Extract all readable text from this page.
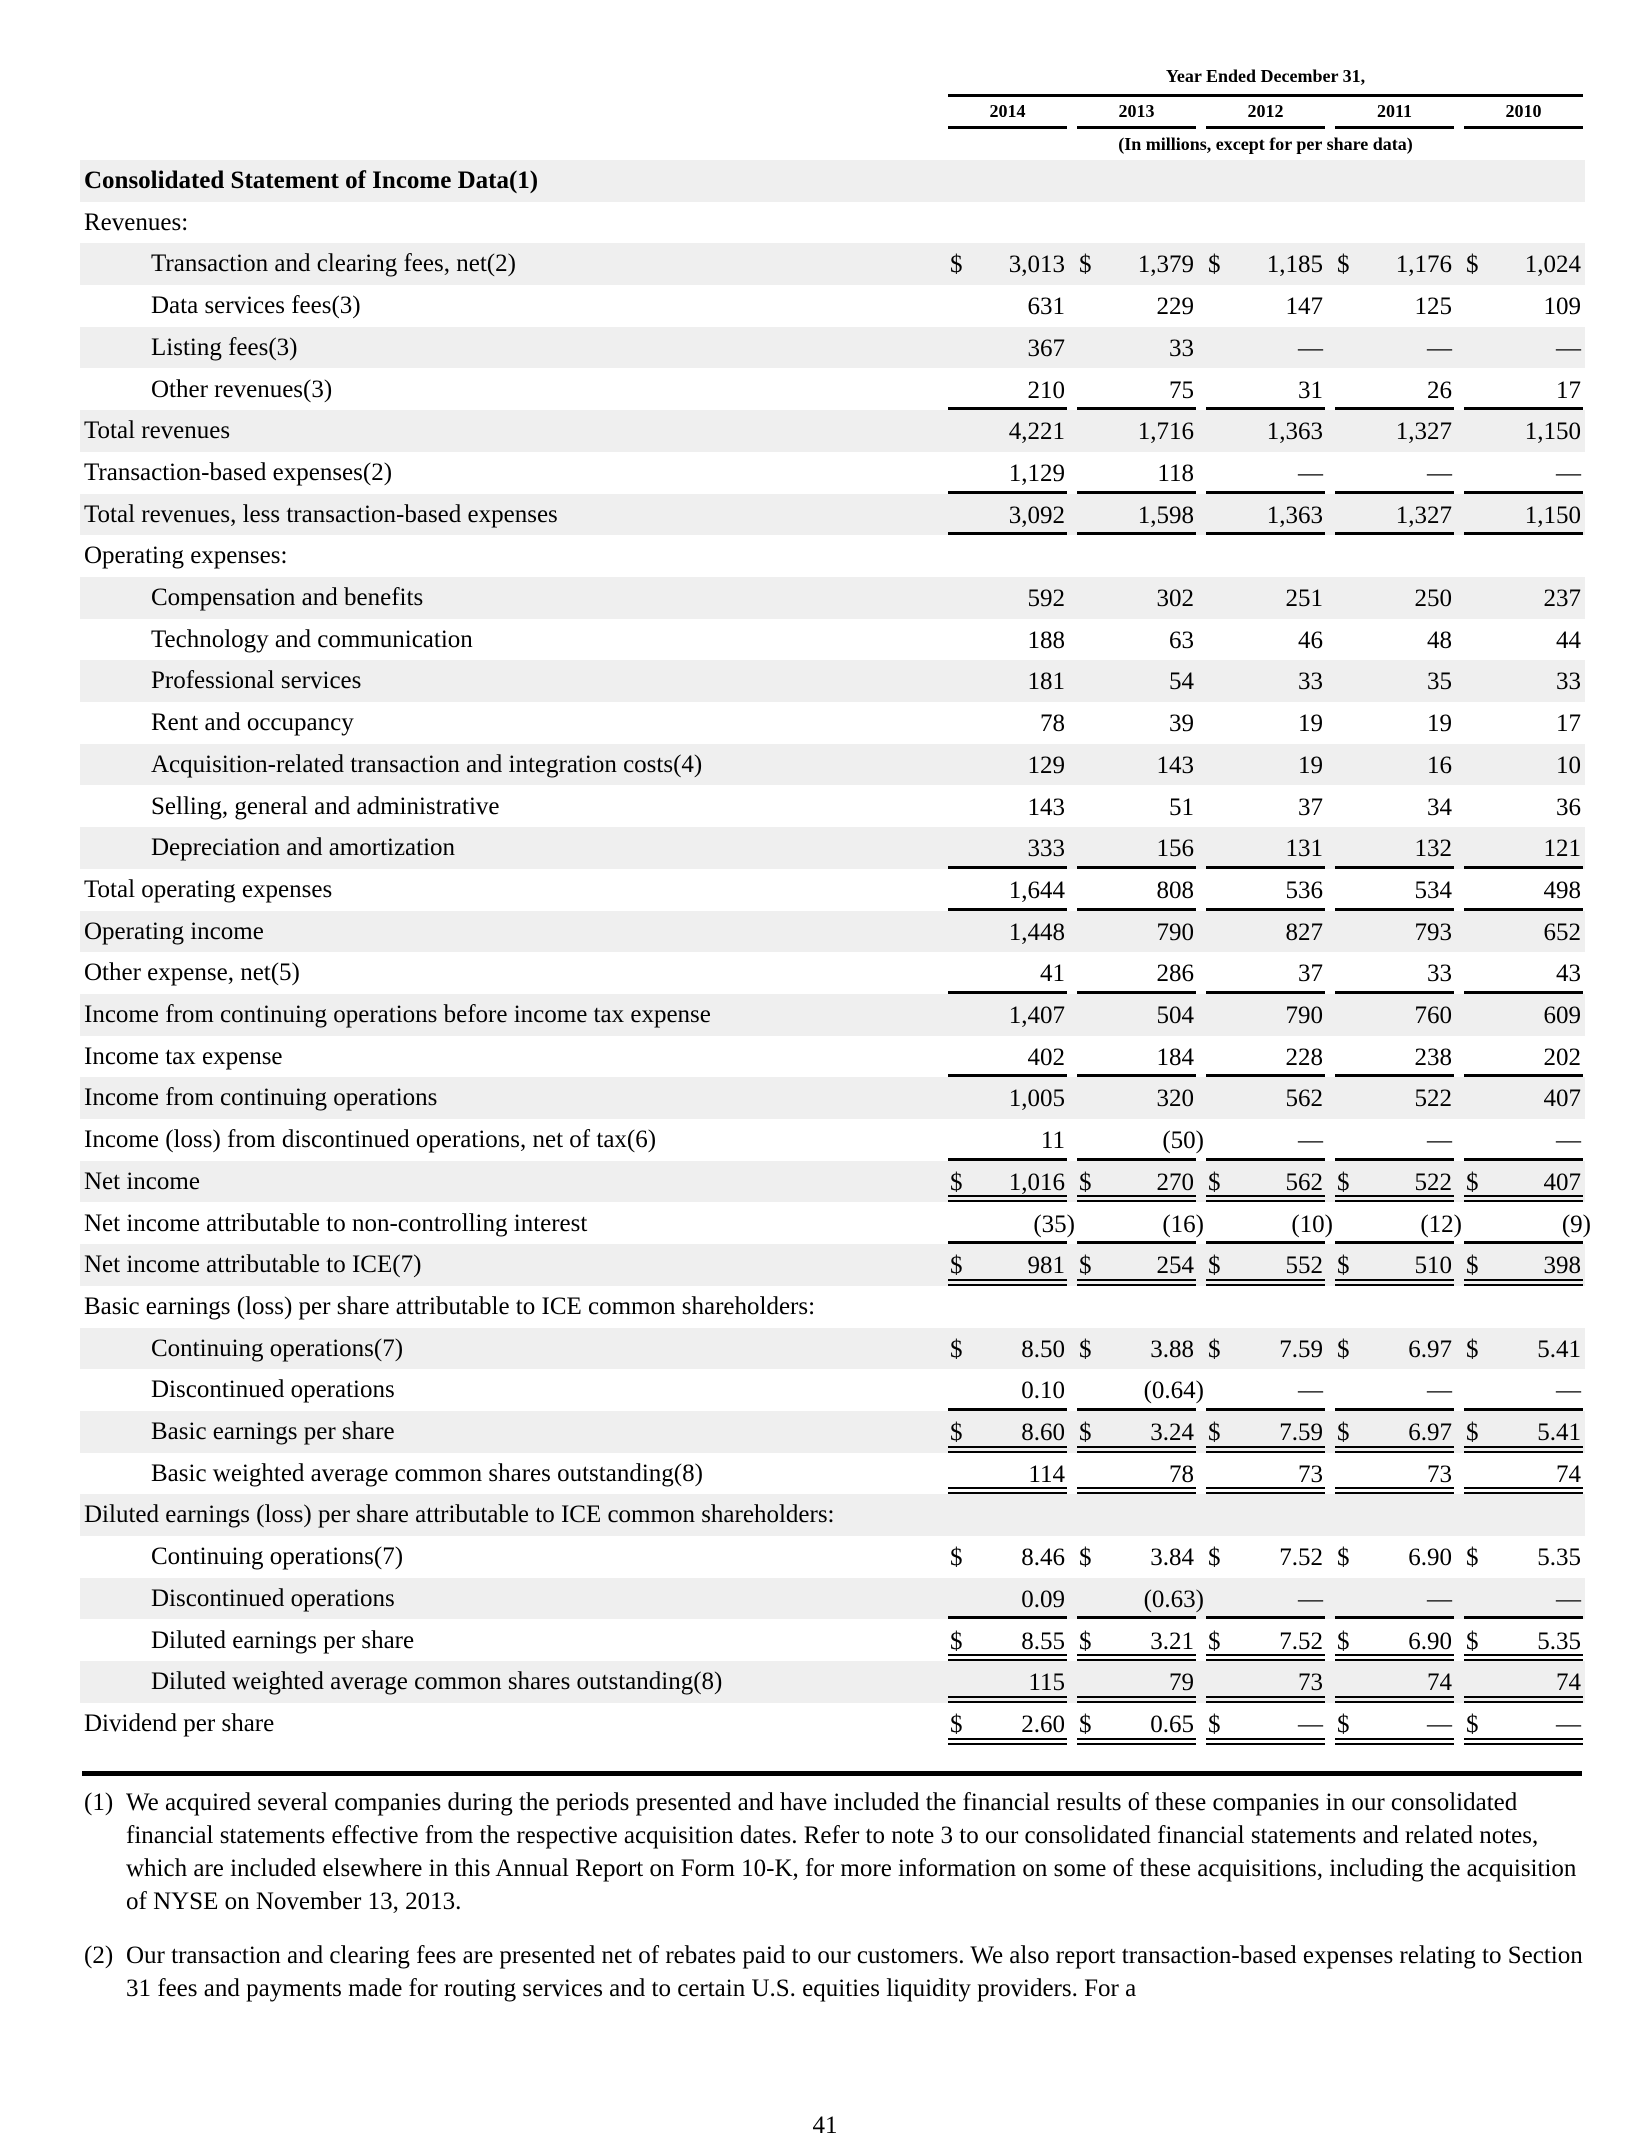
Year Ended December 31,
2014	2013	2012	2011	2010
(In millions, except for per share data)
Consolidated Statement of Income Data(1)
Revenues:
Transaction and clearing fees, net(2)	$ 3,013 $ 1,379 $ 1,185 $ 1,176 $ 1,024
Data services fees(3)	631	229	147	125	109
Listing fees(3)	367	33	—	—	—
Other revenues(3)	210	75	31	26	17
Total revenues	4,221	1,716	1,363	1,327	1,150
Transaction-based expenses(2)	1,129	118	—	—	—
Total revenues, less transaction-based expenses	3,092	1,598	1,363	1,327	1,150
Operating expenses:
Compensation and benefits	592	302	251	250	237
Technology and communication	188	63	46	48	44
Professional services	181	54	33	35	33
Rent and occupancy	78	39	19	19	17
Acquisition-related transaction and integration costs(4)	129	143	19	16	10
Selling, general and administrative	143	51	37	34	36
Depreciation and amortization	333	156	131	132	121
Total operating expenses	1,644	808	536	534	498
Operating income	1,448	790	827	793	652
Other expense, net(5)	41	286	37	33	43
Income from continuing operations before income tax expense	1,407	504	790	760	609
Income tax expense	402	184	228	238	202
Income from continuing operations	1,005	320	562	522	407
Income (loss) from discontinued operations, net of tax(6)	11	(50)	—	—	—
Net income	$ 1,016 $	270 $	562 $	522 $	407
Net income attributable to non-controlling interest	(35)	(16)	(10)	(12)	(9)
Net income attributable to ICE(7)	$	981 $	254 $	552 $	510 $	398
Basic earnings (loss) per share attributable to ICE common shareholders:
Continuing operations(7)	$ 8.50 $ 3.88 $ 7.59 $ 6.97 $ 5.41
Discontinued operations	0.10	(0.64)	—	—	—
Basic earnings per share	$ 8.60 $ 3.24 $ 7.59 $ 6.97 $ 5.41
Basic weighted average common shares outstanding(8)	114	78	73	73	74
Diluted earnings (loss) per share attributable to ICE common shareholders:
Continuing operations(7)	$ 8.46 $ 3.84 $ 7.52 $ 6.90 $ 5.35
Discontinued operations	0.09	(0.63)	—	—	—
Diluted earnings per share	$ 8.55 $ 3.21 $ 7.52 $ 6.90 $ 5.35
Diluted weighted average common shares outstanding(8)	115	79	73	74	74
Dividend per share	$ 2.60 $ 0.65 $	— $	— $	—
(1) We acquired several companies during the periods presented and have included the financial results of these companies in our consolidated financial statements effective from the respective acquisition dates. Refer to note 3 to our consolidated financial statements and related notes, which are included elsewhere in this Annual Report on Form 10-K, for more information on some of these acquisitions, including the acquisition of NYSE on November 13, 2013.
(2) Our transaction and clearing fees are presented net of rebates paid to our customers. We also report transaction-based expenses relating to Section 31 fees and payments made for routing services and to certain U.S. equities liquidity providers. For a
41
